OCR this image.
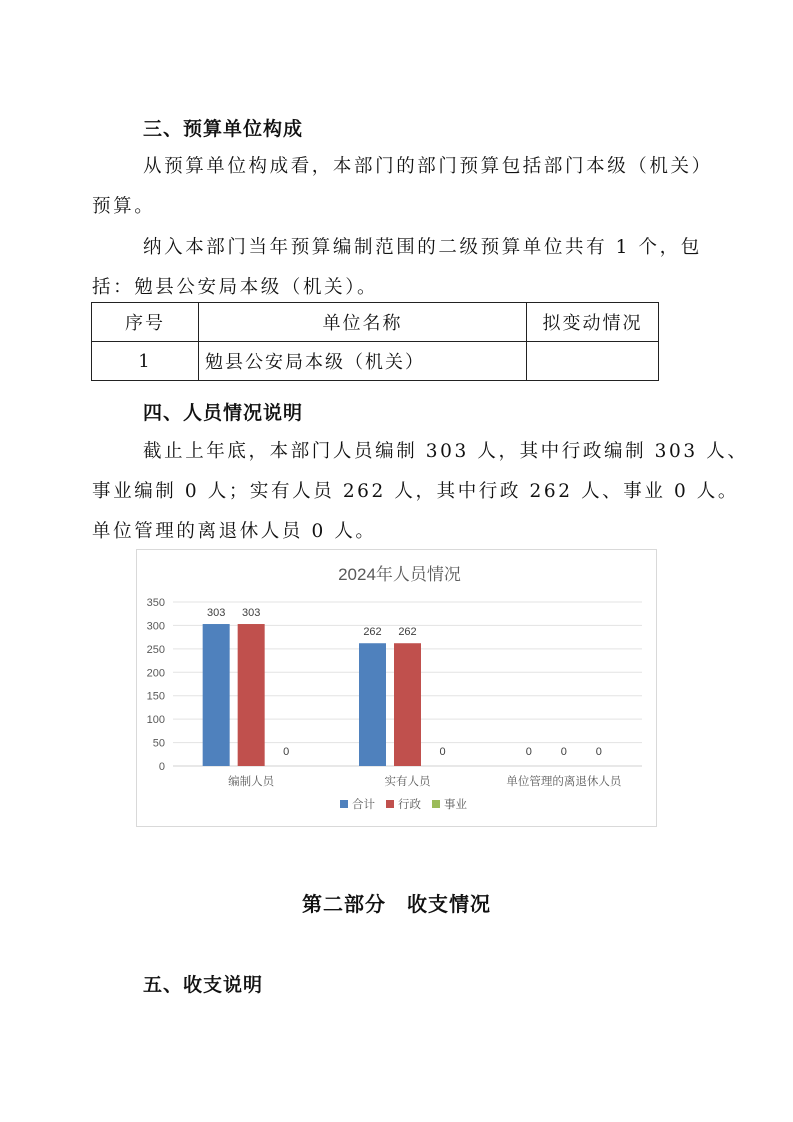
三、预算单位构成
从预算单位构成看，本部门的部门预算包括部门本级（机关）
预算。
纳入本部门当年预算编制范围的二级预算单位共有 1 个，包
括：勉县公安局本级（机关）。
序号	单位名称	拟变动情况
1	勉县公安局本级（机关）	
四、人员情况说明
截止上年底，本部门人员编制 303 人，其中行政编制 303 人、
事业编制 0 人；实有人员 262 人，其中行政 262 人、事业 0 人。
单位管理的离退休人员 0 人。
2024年人员情况
0
50
100
150
200
250
300
350
303 303
0
编制人员
262 262
0
实有人员
0	0	0
单位管理的离退休人员
合计 行政 事业
第二部分　收支情况
五、收支说明
